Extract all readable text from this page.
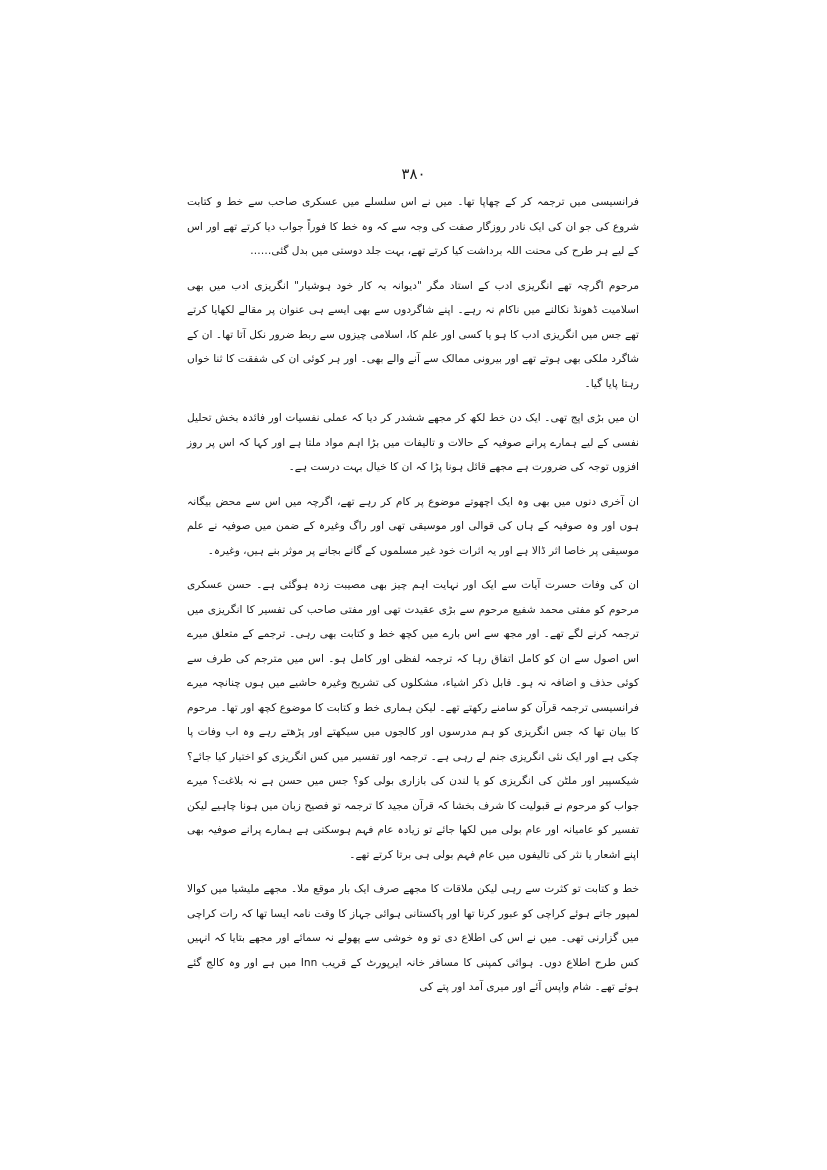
۳۸۰

فرانسیسی میں ترجمہ کر کے چھاپا تھا۔ میں نے اس سلسلے میں عسکری صاحب سے خط و کتابت شروع کی جو ان کی ایک نادر روزگار صفت کی وجہ سے کہ وہ خط کا فوراً جواب دیا کرتے تھے اور اس کے لیے ہر طرح کی محنت اللہ برداشت کیا کرتے تھے، بہت جلد دوستی میں بدل گئی……

مرحوم اگرچہ تھے انگریزی ادب کے استاد مگر "دیوانہ بہ کار خود ہوشیار" انگریزی ادب میں بھی اسلامیت ڈھونڈ نکالنے میں ناکام نہ رہے۔ اپنے شاگردوں سے بھی ایسے ہی عنوان پر مقالے لکھایا کرتے تھے جس میں انگریزی ادب کا ہو یا کسی اور علم کا، اسلامی چیزوں سے ربط ضرور نکل آتا تھا۔ ان کے شاگرد ملکی بھی ہوتے تھے اور بیرونی ممالک سے آنے والے بھی۔ اور ہر کوئی ان کی شفقت کا ثنا خواں رہتا پایا گیا۔

ان میں بڑی اپج تھی۔ ایک دن خط لکھ کر مجھے ششدر کر دیا کہ عملی نفسیات اور فائدہ بخش تحلیل نفسی کے لیے ہمارے پرانے صوفیہ کے حالات و تالیفات میں بڑا اہم مواد ملتا ہے اور کہا کہ اس پر روز افزوں توجہ کی ضرورت ہے مجھے قائل ہونا پڑا کہ ان کا خیال بہت درست ہے۔

ان آخری دنوں میں بھی وہ ایک اچھوتے موضوع پر کام کر رہے تھے، اگرچہ میں اس سے محض بیگانہ ہوں اور وہ صوفیہ کے ہاں کی قوالی اور موسیقی تھی اور راگ وغیرہ کے ضمن میں صوفیہ نے علم موسیقی پر خاصا اثر ڈالا ہے اور یہ اثرات خود غیر مسلموں کے گانے بجانے پر موثر بنے ہیں، وغیرہ۔

ان کی وفات حسرت آیات سے ایک اور نہایت اہم چیز بھی مصیبت زدہ ہوگئی ہے۔ حسن عسکری مرحوم کو مفتی محمد شفیع مرحوم سے بڑی عقیدت تھی اور مفتی صاحب کی تفسیر کا انگریزی میں ترجمہ کرنے لگے تھے۔ اور مجھ سے اس بارے میں کچھ خط و کتابت بھی رہی۔ ترجمے کے متعلق میرے اس اصول سے ان کو کامل اتفاق رہا کہ ترجمہ لفظی اور کامل ہو۔ اس میں مترجم کی طرف سے کوئی حذف و اضافہ نہ ہو۔ قابل ذکر اشیاء، مشکلوں کی تشریح وغیرہ حاشیے میں ہوں چنانچہ میرے فرانسیسی ترجمہ قرآن کو سامنے رکھتے تھے۔ لیکن ہماری خط و کتابت کا موضوع کچھ اور تھا۔ مرحوم کا بیان تھا کہ جس انگریزی کو ہم مدرسوں اور کالجوں میں سیکھتے اور پڑھتے رہے وہ اب وفات پا چکی ہے اور ایک نئی انگریزی جنم لے رہی ہے۔ ترجمہ اور تفسیر میں کس انگریزی کو اختیار کیا جائے؟ شیکسپیر اور ملٹن کی انگریزی کو یا لندن کی بازاری بولی کو؟ جس میں حسن ہے نہ بلاغت؟ میرے جواب کو مرحوم نے قبولیت کا شرف بخشا کہ قرآن مجید کا ترجمہ تو فصیح زبان میں ہونا چاہیے لیکن تفسیر کو عامیانہ اور عام بولی میں لکھا جائے تو زیادہ عام فہم ہوسکتی ہے ہمارے پرانے صوفیہ بھی اپنے اشعار یا نثر کی تالیفوں میں عام فہم بولی ہی برتا کرتے تھے۔

خط و کتابت تو کثرت سے رہی لیکن ملاقات کا مجھے صرف ایک بار موقع ملا۔ مجھے ملیشیا میں کوالا لمپور جاتے ہوئے کراچی کو عبور کرنا تھا اور پاکستانی ہوائی جہاز کا وقت نامہ ایسا تھا کہ رات کراچی میں گزارنی تھی۔ میں نے اس کی اطلاع دی تو وہ خوشی سے پھولے نہ سمائے اور مجھے بتایا کہ انہیں کس طرح اطلاع دوں۔ ہوائی کمپنی کا مسافر خانہ ایرپورٹ کے قریب Inn میں ہے اور وہ کالج گئے ہوئے تھے۔ شام واپس آئے اور میری آمد اور پتے کی
